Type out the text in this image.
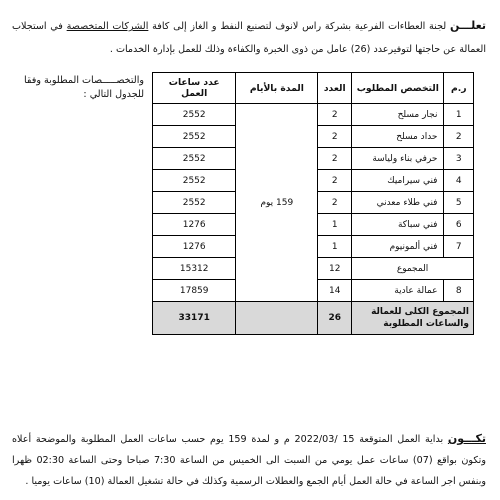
تعلـــن لجنة العطاءات الفرعية بشركة راس لانوف لتصنيع النفط و الغاز إلى كافة الشركات المتخصصة في استجلاب العمالة عن حاجتها لتوفيرعدد (26) عامل من ذوى الخبرة والكفاءة وذلك للعمل بإدارة الخدمات .
والتخصـــــصات المطلوبة وفقا للجدول التالي :
ر.م	التخصص المطلوب	العدد	المدة بالأيام	عدد ساعات العمل
1	نجار مسلح	2	159 يوم	2552
2	حداد مسلح	2		2552
3	حرفي بناء ولياسة	2		2552
4	فني سيراميك	2		2552
5	فني طلاء معدني	2		2552
6	فني سباكة	1		1276
7	فني ألمونيوم	1		1276
المجموع		12		15312
8	عمالة عادية	14		17859
المجموع الكلى للعمالة والساعات المطلوبة		26		33171
تكـــون بداية العمل المتوقعة 15 /2022/03 م و لمدة 159 يوم حسب ساعات العمل المطلوبة والموضحة أعلاه وتكون بواقع (07) ساعات عمل يومي من السبت الى الخميس من الساعة 7:30 صباحا وحتى الساعة 02:30 ظهرا وبنفس اجر الساعة في حالة العمل أيام الجمع والعطلات الرسمية وكذلك في حالة تشغيل العمالة (10) ساعات يوميا .
